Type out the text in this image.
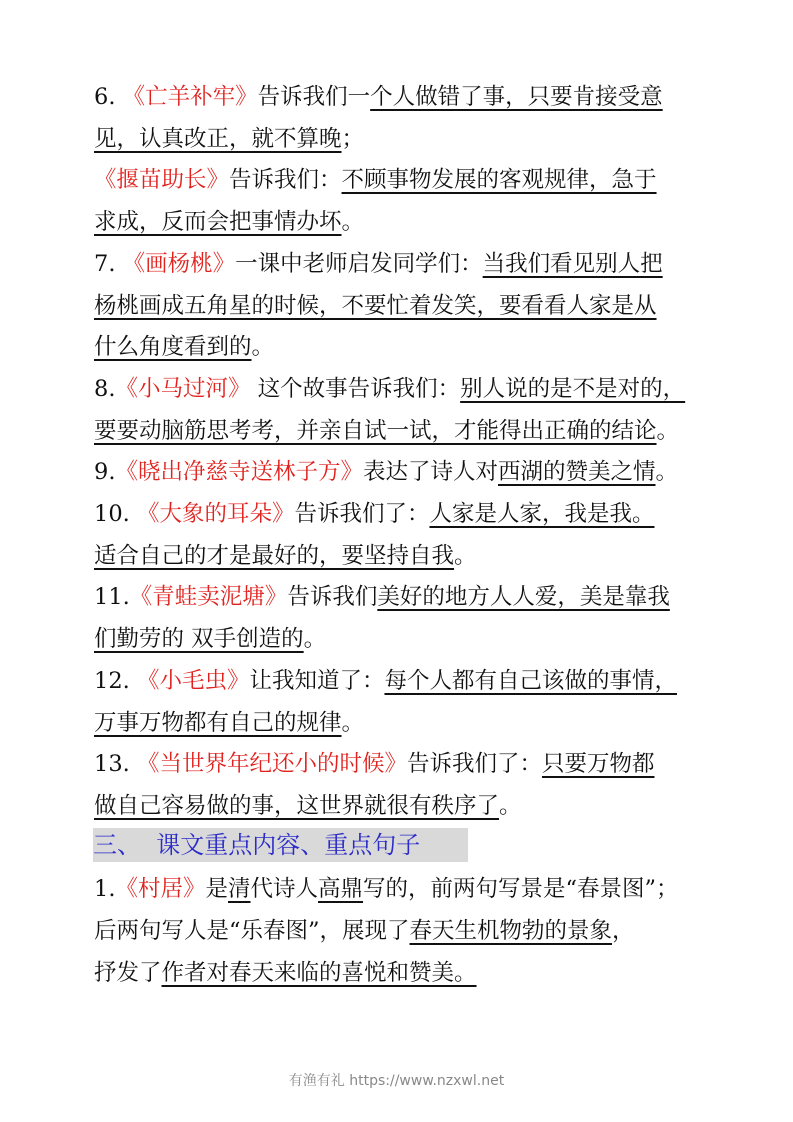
6. 《亡羊补牢》告诉我们一个人做错了事，只要肯接受意
见，认真改正，就不算晚；
《揠苗助长》告诉我们：不顾事物发展的客观规律，急于
求成，反而会把事情办坏。
7. 《画杨桃》一课中老师启发同学们：当我们看见别人把
杨桃画成五角星的时候，不要忙着发笑，要看看人家是从
什么角度看到的。
8.《小马过河》 这个故事告诉我们：别人说的是不是对的，
要要动脑筋思考考，并亲自试一试，才能得出正确的结论。
9.《晓出净慈寺送林子方》表达了诗人对西湖的赞美之情。
10. 《大象的耳朵》告诉我们了：人家是人家，我是我。
适合自己的才是最好的，要坚持自我。
11.《青蛙卖泥塘》告诉我们美好的地方人人爱，美是靠我
们勤劳的 双手创造的。
12. 《小毛虫》让我知道了：每个人都有自己该做的事情，
万事万物都有自己的规律。
13. 《当世界年纪还小的时候》告诉我们了：只要万物都
做自己容易做的事，这世界就很有秩序了。
1.《村居》是清代诗人高鼎写的，前两句写景是“春景图”；
后两句写人是“乐春图”，展现了春天生机物勃的景象，
抒发了作者对春天来临的喜悦和赞美。
三、  课文重点内容、重点句子
有渔有礼 https://www.nzxwl.net
